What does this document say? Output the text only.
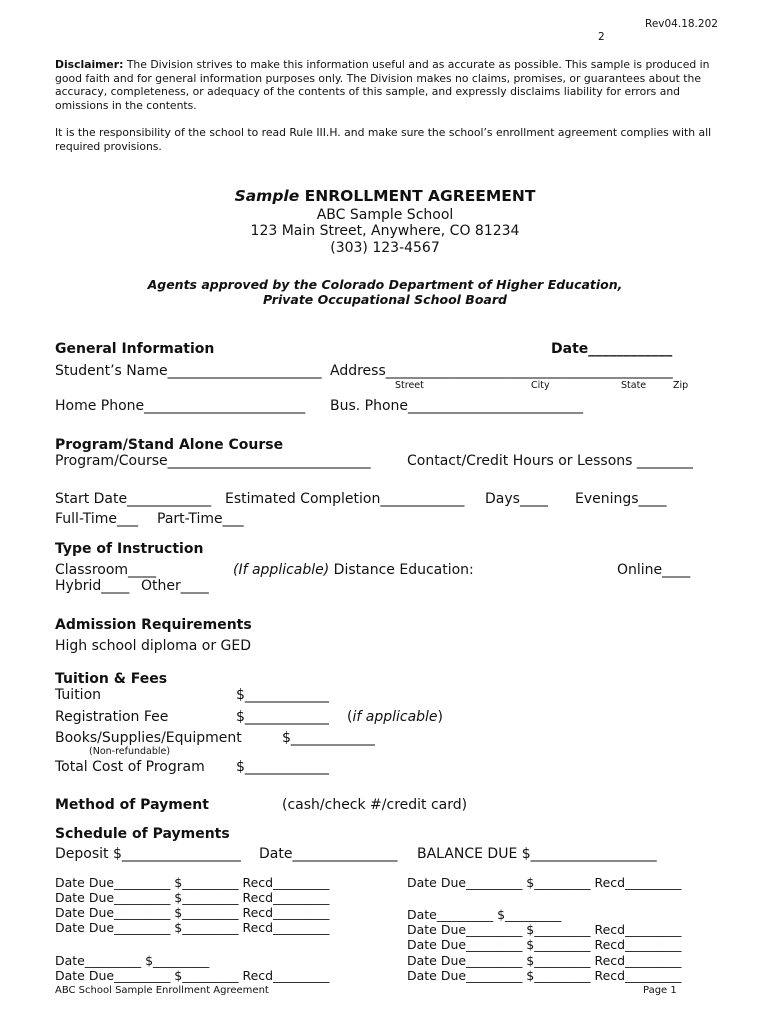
Rev04.18.202
2
Disclaimer: The Division strives to make this information useful and as accurate as possible. This sample is produced in good faith and for general information purposes only. The Division makes no claims, promises, or guarantees about the accuracy, completeness, or adequacy of the contents of this sample, and expressly disclaims liability for errors and omissions in the contents.
It is the responsibility of the school to read Rule III.H. and make sure the school’s enrollment agreement complies with all required provisions.
Sample ENROLLMENT AGREEMENT
ABC Sample School
123 Main Street, Anywhere, CO 81234
(303) 123-4567
Agents approved by the Colorado Department of Higher Education,
Private Occupational School Board
General Information	Date____________
Student’s Name______________________ Address_________________________________________
Street	City	State	Zip
Home Phone_______________________ Bus. Phone_________________________
Program/Stand Alone Course
Program/Course_____________________________	Contact/Credit Hours or Lessons ________
Start Date____________ Estimated Completion____________ Days____ Evenings____
Full-Time___ Part-Time___
Type of Instruction
Classroom____	(If applicable) Distance Education:	Online____
Hybrid____ Other____
Admission Requirements
High school diploma or GED
Tuition & Fees
Tuition	$____________
Registration Fee	$____________ (if applicable)
Books/Supplies/Equipment	$____________
(Non-refundable)
Total Cost of Program $____________
Method of Payment	(cash/check #/credit card)
Schedule of Payments
Deposit $_________________ Date_______________ BALANCE DUE $__________________
Date Due_________ $_________ Recd_________
Date Due_________ $_________ Recd_________
Date Due_________ $_________ Recd_________
Date Due_________ $_________ Recd_________
Date_________ $_________
Date Due_________ $_________ Recd_________
Date Due_________ $_________ Recd_________
Date_________ $_________
Date Due_________ $_________ Recd_________
Date Due_________ $_________ Recd_________
Date Due_________ $_________ Recd_________
Date Due_________ $_________ Recd_________
ABC School Sample Enrollment Agreement	Page 1
